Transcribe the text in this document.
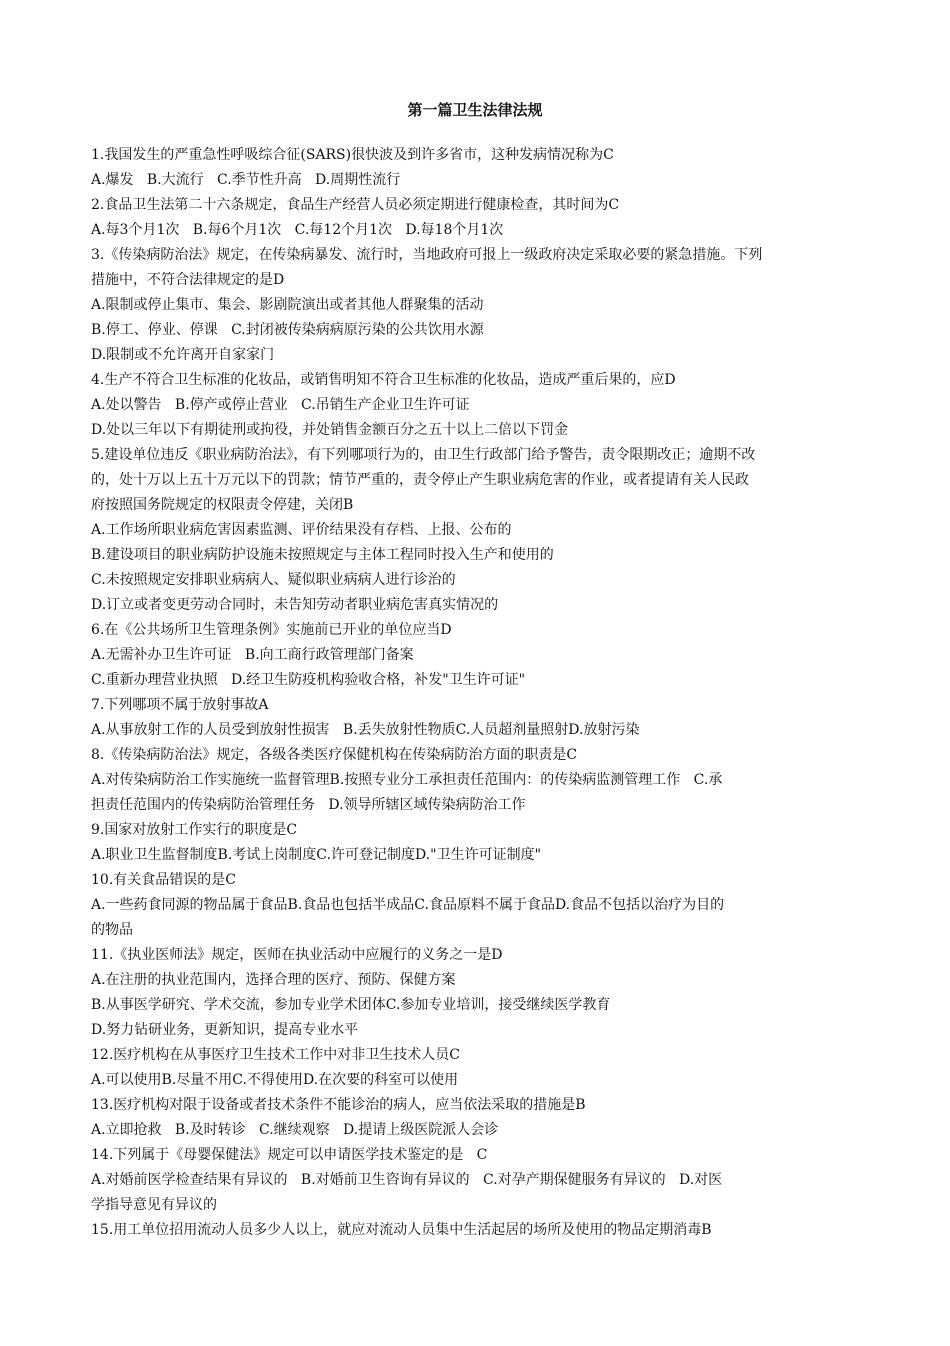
第一篇卫生法律法规
1.我国发生的严重急性呼吸综合征(SARS)很快波及到许多省市，这种发病情况称为C
A.爆发   B.大流行   C.季节性升高   D.周期性流行
2.食品卫生法第二十六条规定，食品生产经营人员必须定期进行健康检查，其时间为C
A.每3个月1次   B.每6个月1次   C.每12个月1次   D.每18个月1次
3.《传染病防治法》规定，在传染病暴发、流行时，当地政府可报上一级政府决定采取必要的紧急措施。下列
措施中，不符合法律规定的是D
A.限制或停止集市、集会、影剧院演出或者其他人群聚集的活动
B.停工、停业、停课   C.封闭被传染病病原污染的公共饮用水源
D.限制或不允许离开自家家门
4.生产不符合卫生标准的化妆品，或销售明知不符合卫生标准的化妆品，造成严重后果的，应D
A.处以警告   B.停产或停止营业   C.吊销生产企业卫生许可证
D.处以三年以下有期徒刑或拘役，并处销售金额百分之五十以上二倍以下罚金
5.建设单位违反《职业病防治法》，有下列哪项行为的，由卫生行政部门给予警告，责令限期改正；逾期不改
的，处十万以上五十万元以下的罚款；情节严重的，责令停止产生职业病危害的作业，或者提请有关人民政
府按照国务院规定的权限责令停建，关闭B
A.工作场所职业病危害因素监测、评价结果没有存档、上报、公布的
B.建设项目的职业病防护设施未按照规定与主体工程同时投入生产和使用的
C.未按照规定安排职业病病人、疑似职业病病人进行诊治的
D.订立或者变更劳动合同时，未告知劳动者职业病危害真实情况的
6.在《公共场所卫生管理条例》实施前已开业的单位应当D
A.无需补办卫生许可证   B.向工商行政管理部门备案
C.重新办理营业执照   D.经卫生防疫机构验收合格，补发"卫生许可证"
7.下列哪项不属于放射事故A
A.从事放射工作的人员受到放射性损害   B.丢失放射性物质C.人员超剂量照射D.放射污染
8.《传染病防治法》规定，各级各类医疗保健机构在传染病防治方面的职责是C
A.对传染病防治工作实施统一监督管理B.按照专业分工承担责任范围内：的传染病监测管理工作   C.承
担责任范围内的传染病防治管理任务   D.领导所辖区域传染病防治工作
9.国家对放射工作实行的职度是C
A.职业卫生监督制度B.考试上岗制度C.许可登记制度D."卫生许可证制度"
10.有关食品错误的是C
A.一些药食同源的物品属于食品B.食品也包括半成品C.食品原料不属于食品D.食品不包括以治疗为目的
的物品
11.《执业医师法》规定，医师在执业活动中应履行的义务之一是D
A.在注册的执业范围内，选择合理的医疗、预防、保健方案
B.从事医学研究、学术交流，参加专业学术团体C.参加专业培训，接受继续医学教育
D.努力钻研业务，更新知识，提高专业水平
12.医疗机构在从事医疗卫生技术工作中对非卫生技术人员C
A.可以使用B.尽量不用C.不得使用D.在次要的科室可以使用
13.医疗机构对限于设备或者技术条件不能诊治的病人，应当依法采取的措施是B
A.立即抢救   B.及时转诊   C.继续观察   D.提请上级医院派人会诊
14.下列属于《母婴保健法》规定可以申请医学技术鉴定的是   C
A.对婚前医学检查结果有异议的   B.对婚前卫生咨询有异议的   C.对孕产期保健服务有异议的   D.对医
学指导意见有异议的
15.用工单位招用流动人员多少人以上，就应对流动人员集中生活起居的场所及使用的物品定期消毒B
